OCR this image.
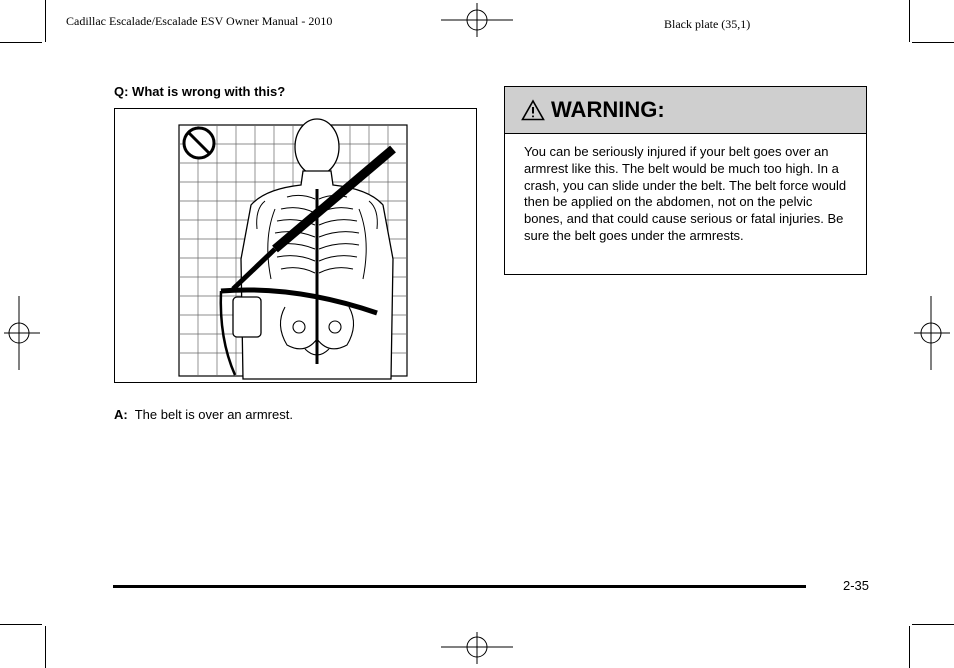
Cadillac Escalade/Escalade ESV Owner Manual - 2010	Black plate (35,1)
Q: What is wrong with this?
A: The belt is over an armrest.
WARNING:
You can be seriously injured if your belt goes over an armrest like this. The belt would be much too high. In a crash, you can slide under the belt. The belt force would then be applied on the abdomen, not on the pelvic bones, and that could cause serious or fatal injuries. Be sure the belt goes under the armrests.
2-35
